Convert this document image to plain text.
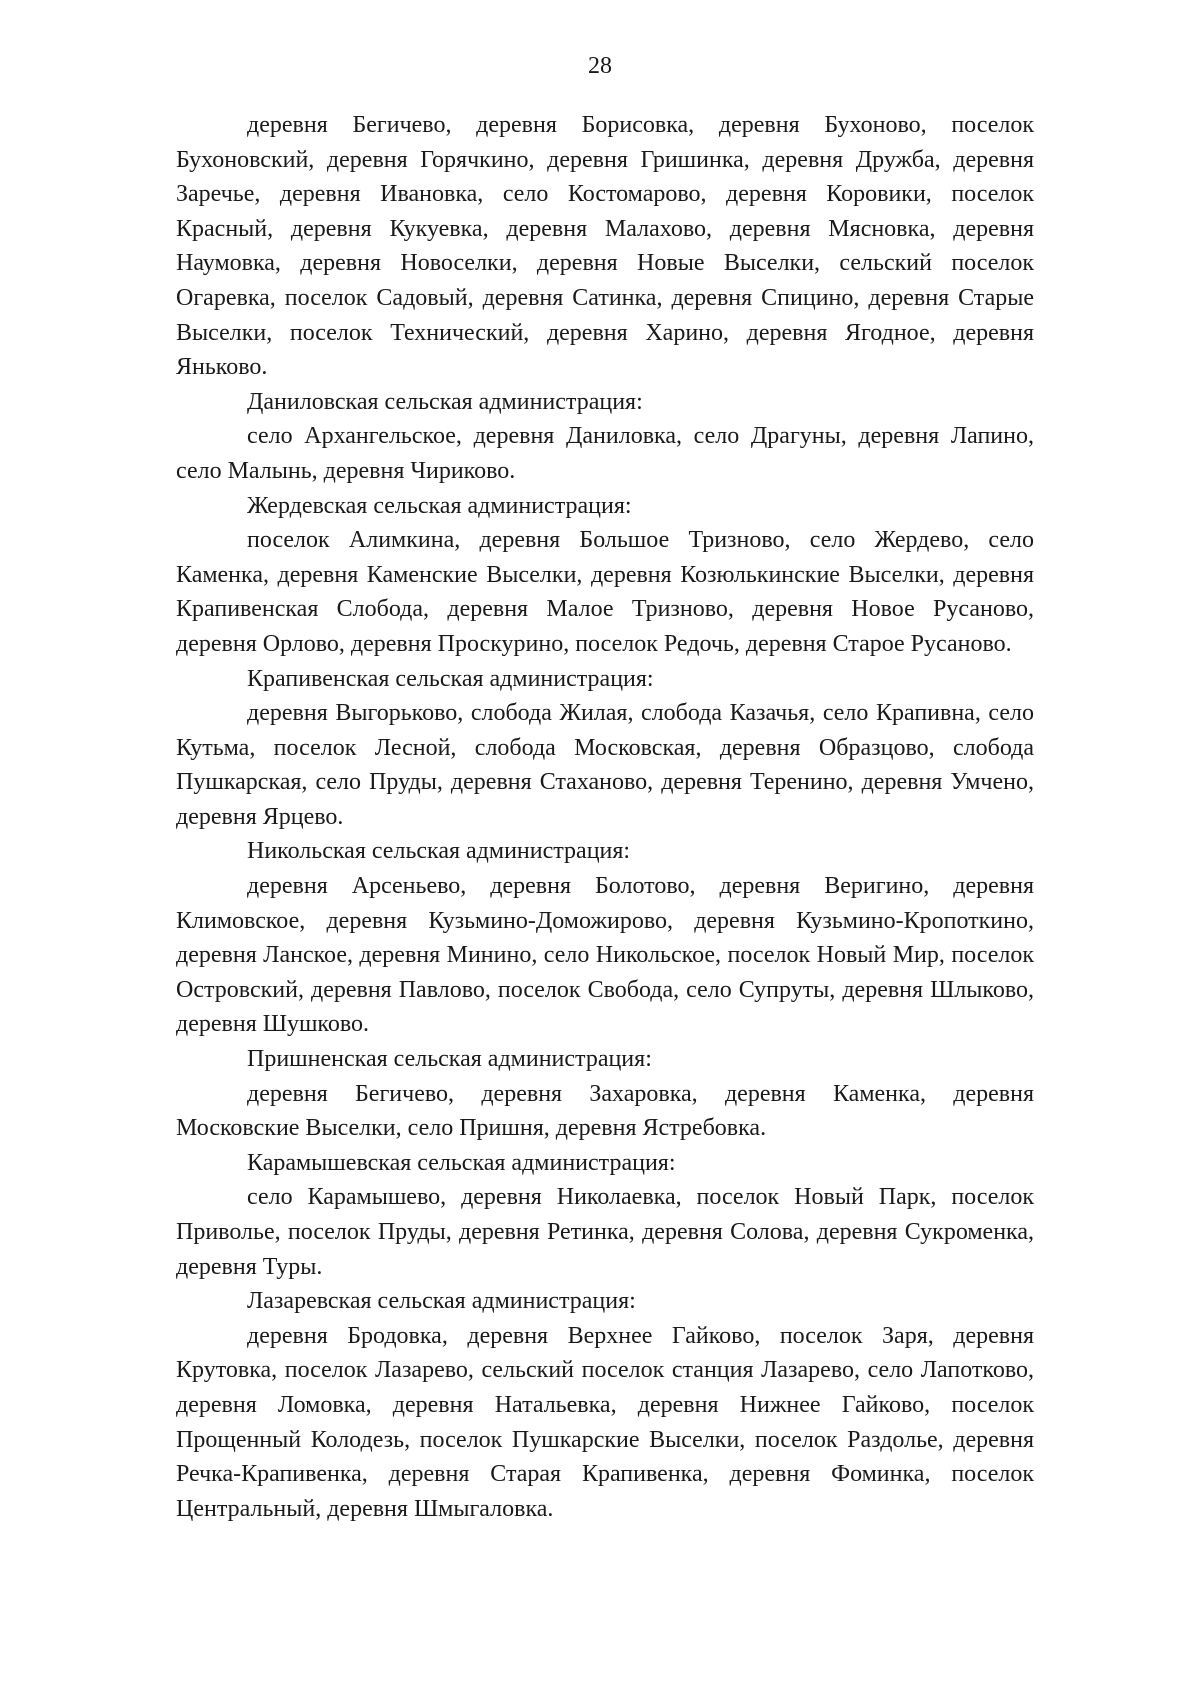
28

деревня Бегичево, деревня Борисовка, деревня Бухоново, поселок Бухоновский, деревня Горячкино, деревня Гришинка, деревня Дружба, деревня Заречье, деревня Ивановка, село Костомарово, деревня Коровики, поселок Красный, деревня Кукуевка, деревня Малахово, деревня Мясновка, деревня Наумовка, деревня Новоселки, деревня Новые Выселки, сельский поселок Огаревка, поселок Садовый, деревня Сатинка, деревня Спицино, деревня Старые Выселки, поселок Технический, деревня Харино, деревня Ягодное, деревня Яньково.

Даниловская сельская администрация:

село Архангельское, деревня Даниловка, село Драгуны, деревня Лапино, село Малынь, деревня Чириково.

Жердевская сельская администрация:

поселок Алимкина, деревня Большое Тризново, село Жердево, село Каменка, деревня Каменские Выселки, деревня Козюлькинские Выселки, деревня Крапивенская Слобода, деревня Малое Тризново, деревня Новое Русаново, деревня Орлово, деревня Проскурино, поселок Редочь, деревня Старое Русаново.

Крапивенская сельская администрация:

деревня Выгорьково, слобода Жилая, слобода Казачья, село Крапивна, село Кутьма, поселок Лесной, слобода Московская, деревня Образцово, слобода Пушкарская, село Пруды, деревня Стаханово, деревня Теренино, деревня Умчено, деревня Ярцево.

Никольская сельская администрация:

деревня Арсеньево, деревня Болотово, деревня Веригино, деревня Климовское, деревня Кузьмино-Доможирово, деревня Кузьмино-Кропоткино, деревня Ланское, деревня Минино, село Никольское, поселок Новый Мир, поселок Островский, деревня Павлово, поселок Свобода, село Супруты, деревня Шлыково, деревня Шушково.

Пришненская сельская администрация:

деревня Бегичево, деревня Захаровка, деревня Каменка, деревня Московские Выселки, село Пришня, деревня Ястребовка.

Карамышевская сельская администрация:

село Карамышево, деревня Николаевка, поселок Новый Парк, поселок Приволье, поселок Пруды, деревня Ретинка, деревня Солова, деревня Сукроменка, деревня Туры.

Лазаревская сельская администрация:

деревня Бродовка, деревня Верхнее Гайково, поселок Заря, деревня Крутовка, поселок Лазарево, сельский поселок станция Лазарево, село Лапотково, деревня Ломовка, деревня Натальевка, деревня Нижнее Гайково, поселок Прощенный Колодезь, поселок Пушкарские Выселки, поселок Раздолье, деревня Речка-Крапивенка, деревня Старая Крапивенка, деревня Фоминка, поселок Центральный, деревня Шмыгаловка.
